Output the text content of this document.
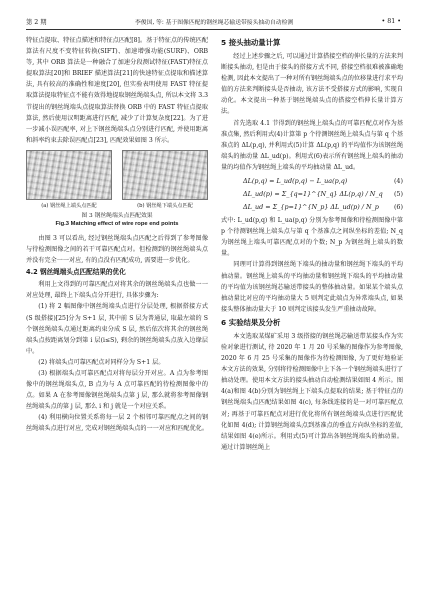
第 2 期	李俊国, 等: 基于图像匹配的钢丝绳芯输送带接头抽动自动检测	• 81 •

特征点提取、特征点描述和特征点匹配[8]。基于特征点的传统匹配算法有尺度不变特征转换(SIFT)、加速增强功能(SURF)、ORB 等, 其中 ORB 算法是一种融合了加速分段测试特征(FAST)特征点提取算法[20]和 BRIEF 描述算法[21]的快速特征点提取和描述算法, 具有较高的准确性和速度[20], 但实验表明使用 FAST 特征提取算法提取特征点不能有效得地提取钢丝绳端头点, 所以本文将 3.3 节提出的钢丝绳端头点提取算法替换 ORB 中的 FAST 特征点提取算法, 然后使用汉明距离进行匹配, 减少了计算复杂度[22]。为了进一步减小误匹配率, 对上下钢丝绳端头点分别进行匹配, 并使用距离和斜率约束去除误匹配点[23], 匹配效果如图 3 所示。

(a) 钢丝绳上端头点匹配	(b) 钢丝绳下端头点匹配
图 3 钢丝绳端头点匹配效果
Fig.3 Matching effect of wire rope end points

由图 3 可以看出, 经过钢丝绳端头点匹配之后得到了参考图像与待检测图像之间的若干可靠匹配点对。但检测到的钢丝绳端头点并没有完全一一对应, 有的点没有匹配成功, 需要进一步优化。

4.2 钢丝绳端头点匹配结果的优化

利用上文得到的可靠匹配点对将其余的钢丝绳端头点也做一一对应处理, 最终上下端头点分开进行, 具体步骤为:

(1) 将 2 幅图像中钢丝绳端头点进行分层处理, 根据搭接方式(S 级搭接)[25]分为 S+1 层, 其中前 S 层为普通层, 取最左端的 S 个钢丝绳端头点通过距离约束分成 S 层, 然后依次将其余的钢丝绳端头点按距离划分到第 i 层(i≤S), 剩余的钢丝绳端头点放入边缘层中。

(2) 将端头点可靠匹配点对同样分为 S+1 层。

(3) 根据端头点可靠匹配点对将每层分开对应。A 点为参考图像中的钢丝绳端头点, B 点为与 A 点可靠匹配的待检测图像中的点。如果 A 在参考图像钢丝绳端头点第 j 层, 那么就将参考图像钢丝绳端头点的第 j 层, 那么 i 和 j 就是一个对应关系。

(4) 利用横向位置关系将每一层 2 个相邻可靠匹配点之间的钢丝绳端头点进行对应, 完成对钢丝绳端头点的一一对应和匹配优化。

5 接头抽动量计算

经过上述步骤之后, 可以通过计算搭接空档的伸长量的方法来判断接头抽动, 但是由于接头的搭接方式不同, 搭接空档很难被准确地检测, 因此本文提出了一种对所有钢丝绳端头点的位移量进行求平均值的方法来判断接头是否抽动, 该方法不受搭接方式的影响, 实现自动化。本文提出一种基于钢丝绳端头点的搭接空档伸长量计算方法。

首先选取 4.1 节得到的钢丝绳上端头点的可靠匹配点对作为基准点集, 然后利用式(4)计算第 p 个待测钢丝绳上端头点与第 q 个基准点的 ΔL(p,q), 并利用式(5)计算 ΔL(p,q) 的平均值作为该钢丝绳端头的抽动量 ΔL_ud(p)。利用式(6)表示所有钢丝绳上端头的抽动量的均值作为钢丝绳上端头的平均抽动量 ΔL_ud。

ΔL(p,q) = L_ud(p,q) − L_ua(p,q)	(4)
ΔL_ud(p) = Σ_{q=1}^{N_q} ΔL(p,q) / N_q (5)
ΔL_ud = Σ_{p=1}^{N_p} ΔL_ud(p) / N_p (6)

式中: L_ud(p,q) 和 L_ua(p,q) 分别为参考图像和待检测图像中第 p 个待测钢丝绳上端头点与第 q 个基准点之间纵坐标的差值; N_q 为钢丝绳上端头可靠匹配点对的个数; N_p 为钢丝绳上端头的数量。

同理可计算得到钢丝绳下端头的抽动量和钢丝绳下端头的平均抽动量。钢丝绳上端头的平均抽动量和钢丝绳下端头的平均抽动量的平均值为该钢丝绳芯输送带接头的整体抽动量。如果某个端头点抽动量比对应的平均抽动量大 5 则判定此端点为异常端头点, 如果接头整体抽动量大于 10 则判定该接头发生严重抽动故障。

6 实验结果及分析

本文选取某煤矿采用 3 级搭接的钢丝绳芯输送带某接头作为实验对象进行测试, 待 2020 年 1 月 20 号采集的图像作为参考图像, 2020 年 6 月 25 号采集的图像作为待检测图像, 为了更好地验证本文方法的效果, 分别将待检测图像中上下各一个钢丝绳端头进行了抽动处理。使用本文方法的接头抽动自动检测结果如图 4 所示。图 4(a)和图 4(b)分别为钢丝绳上下端头点提取的结果; 基于特征点的钢丝绳端头点匹配结果如图 4(c), 每条线连接的是一对可靠匹配点对; 再基于可靠匹配点对进行优化将所有钢丝绳端头点进行匹配优化如图 4(d); 计算钢丝绳端头点到基准点的垂直方向纵坐标的差值, 结果如图 4(e)所示。利用式(5)可计算出各钢丝绳端头的抽动量。通过计算钢丝绳上
